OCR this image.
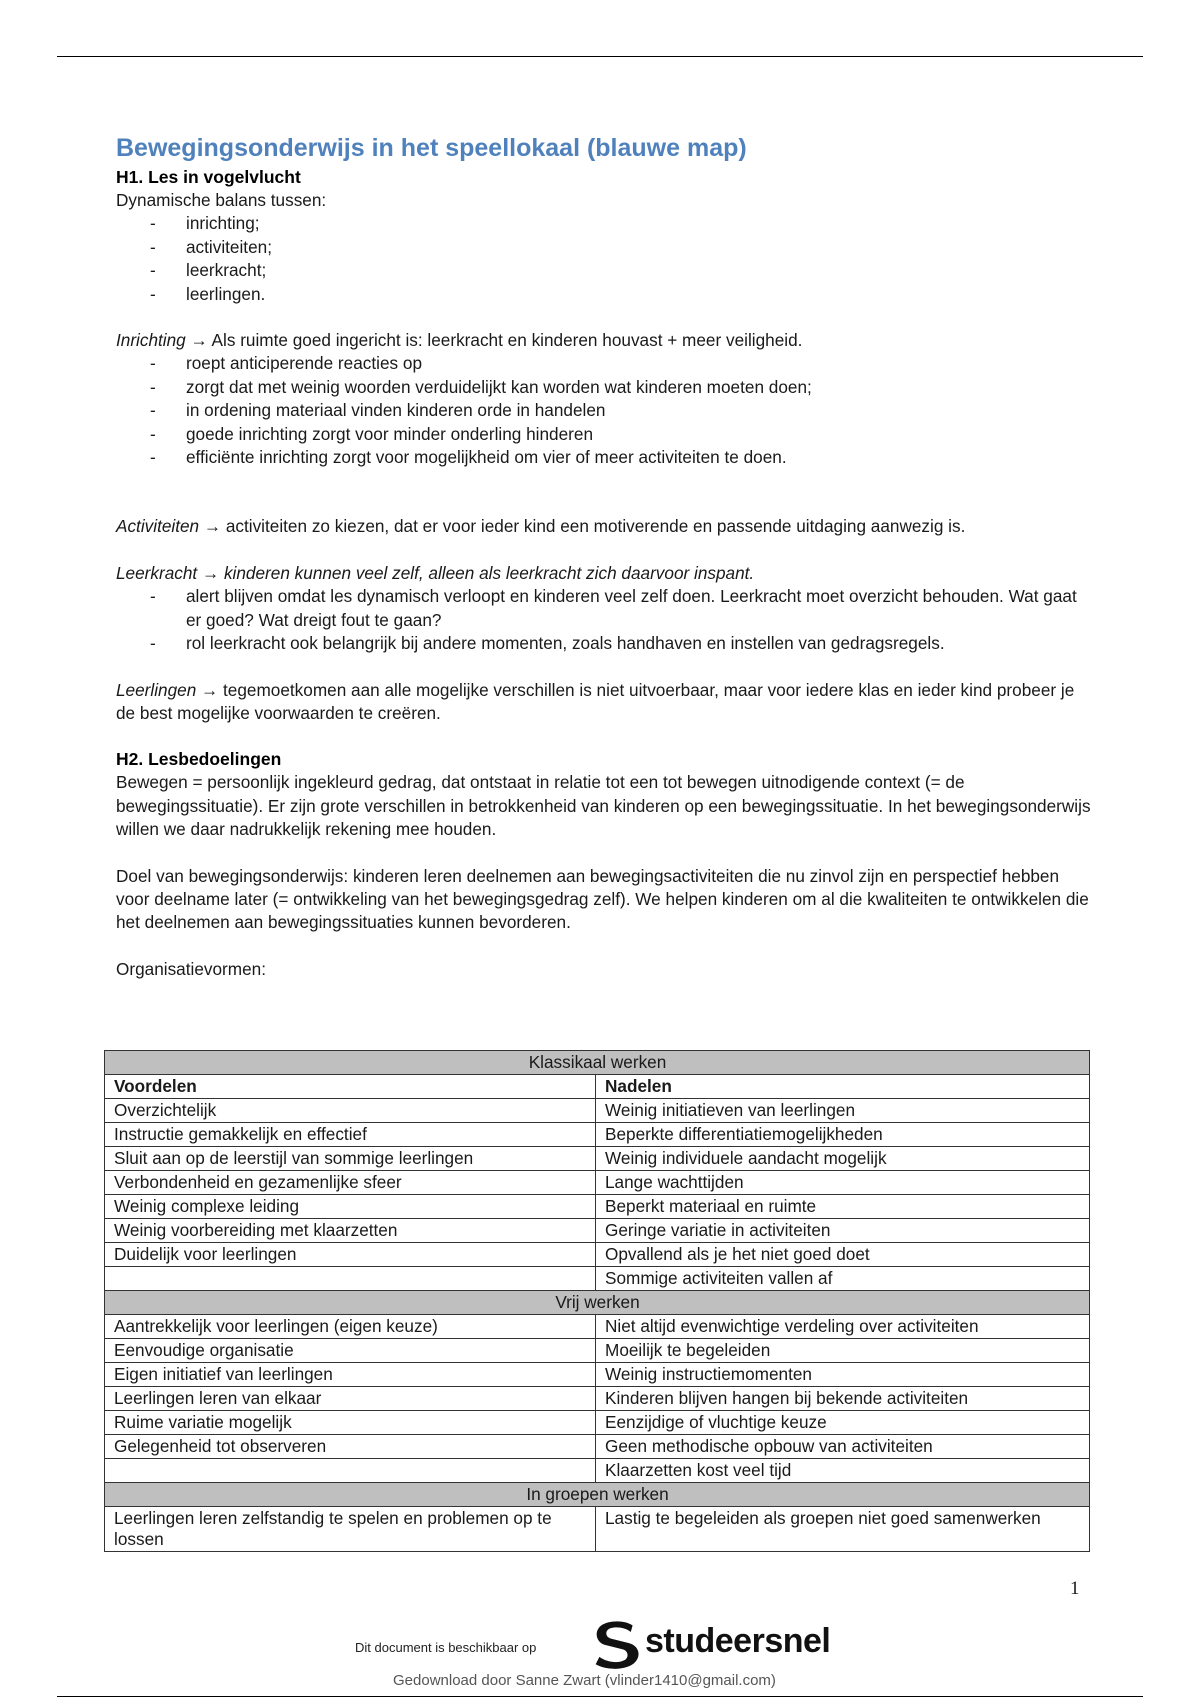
Bewegingsonderwijs in het speellokaal (blauwe map)
H1. Les in vogelvlucht

Dynamische balans tussen:

- inrichting;
- activiteiten;
- leerkracht;
- leerlingen.

Inrichting → Als ruimte goed ingericht is: leerkracht en kinderen houvast + meer veiligheid.

- roept anticiperende reacties op
- zorgt dat met weinig woorden verduidelijkt kan worden wat kinderen moeten doen;
- in ordening materiaal vinden kinderen orde in handelen
- goede inrichting zorgt voor minder onderling hinderen
- efficiënte inrichting zorgt voor mogelijkheid om vier of meer activiteiten te doen.

Activiteiten → activiteiten zo kiezen, dat er voor ieder kind een motiverende en passende uitdaging aanwezig is.

Leerkracht → kinderen kunnen veel zelf, alleen als leerkracht zich daarvoor inspant.

- alert blijven omdat les dynamisch verloopt en kinderen veel zelf doen. Leerkracht moet overzicht behouden. Wat gaat er goed? Wat dreigt fout te gaan?
- rol leerkracht ook belangrijk bij andere momenten, zoals handhaven en instellen van gedragsregels.

Leerlingen → tegemoetkomen aan alle mogelijke verschillen is niet uitvoerbaar, maar voor iedere klas en ieder kind probeer je de best mogelijke voorwaarden te creëren.

H2. Lesbedoelingen

Bewegen = persoonlijk ingekleurd gedrag, dat ontstaat in relatie tot een tot bewegen uitnodigende context (= de bewegingssituatie). Er zijn grote verschillen in betrokkenheid van kinderen op een bewegingssituatie. In het bewegingsonderwijs willen we daar nadrukkelijk rekening mee houden.

Doel van bewegingsonderwijs: kinderen leren deelnemen aan bewegingsactiviteiten die nu zinvol zijn en perspectief hebben voor deelname later (= ontwikkeling van het bewegingsgedrag zelf). We helpen kinderen om al die kwaliteiten te ontwikkelen die het deelnemen aan bewegingssituaties kunnen bevorderen.

Organisatievormen:

Klassikaal werken	
Voordelen	Nadelen
Overzichtelijk	Weinig initiatieven van leerlingen
Instructie gemakkelijk en effectief	Beperkte differentiatiemogelijkheden
Sluit aan op de leerstijl van sommige leerlingen	Weinig individuele aandacht mogelijk
Verbondenheid en gezamenlijke sfeer	Lange wachttijden
Weinig complexe leiding	Beperkt materiaal en ruimte
Weinig voorbereiding met klaarzetten	Geringe variatie in activiteiten
Duidelijk voor leerlingen	Opvallend als je het niet goed doet
	Sommige activiteiten vallen af
Vrij werken	
Aantrekkelijk voor leerlingen (eigen keuze)	Niet altijd evenwichtige verdeling over activiteiten
Eenvoudige organisatie	Moeilijk te begeleiden
Eigen initiatief van leerlingen	Weinig instructiemomenten
Leerlingen leren van elkaar	Kinderen blijven hangen bij bekende activiteiten
Ruime variatie mogelijk	Eenzijdige of vluchtige keuze
Gelegenheid tot observeren	Geen methodische opbouw van activiteiten
	Klaarzetten kost veel tijd
In groepen werken	
Leerlingen leren zelfstandig te spelen en problemen op te lossen	Lastig te begeleiden als groepen niet goed samenwerken
1
Dit document is beschikbaar op	studeersnel
Gedownload door Sanne Zwart (vlinder1410@gmail.com)
